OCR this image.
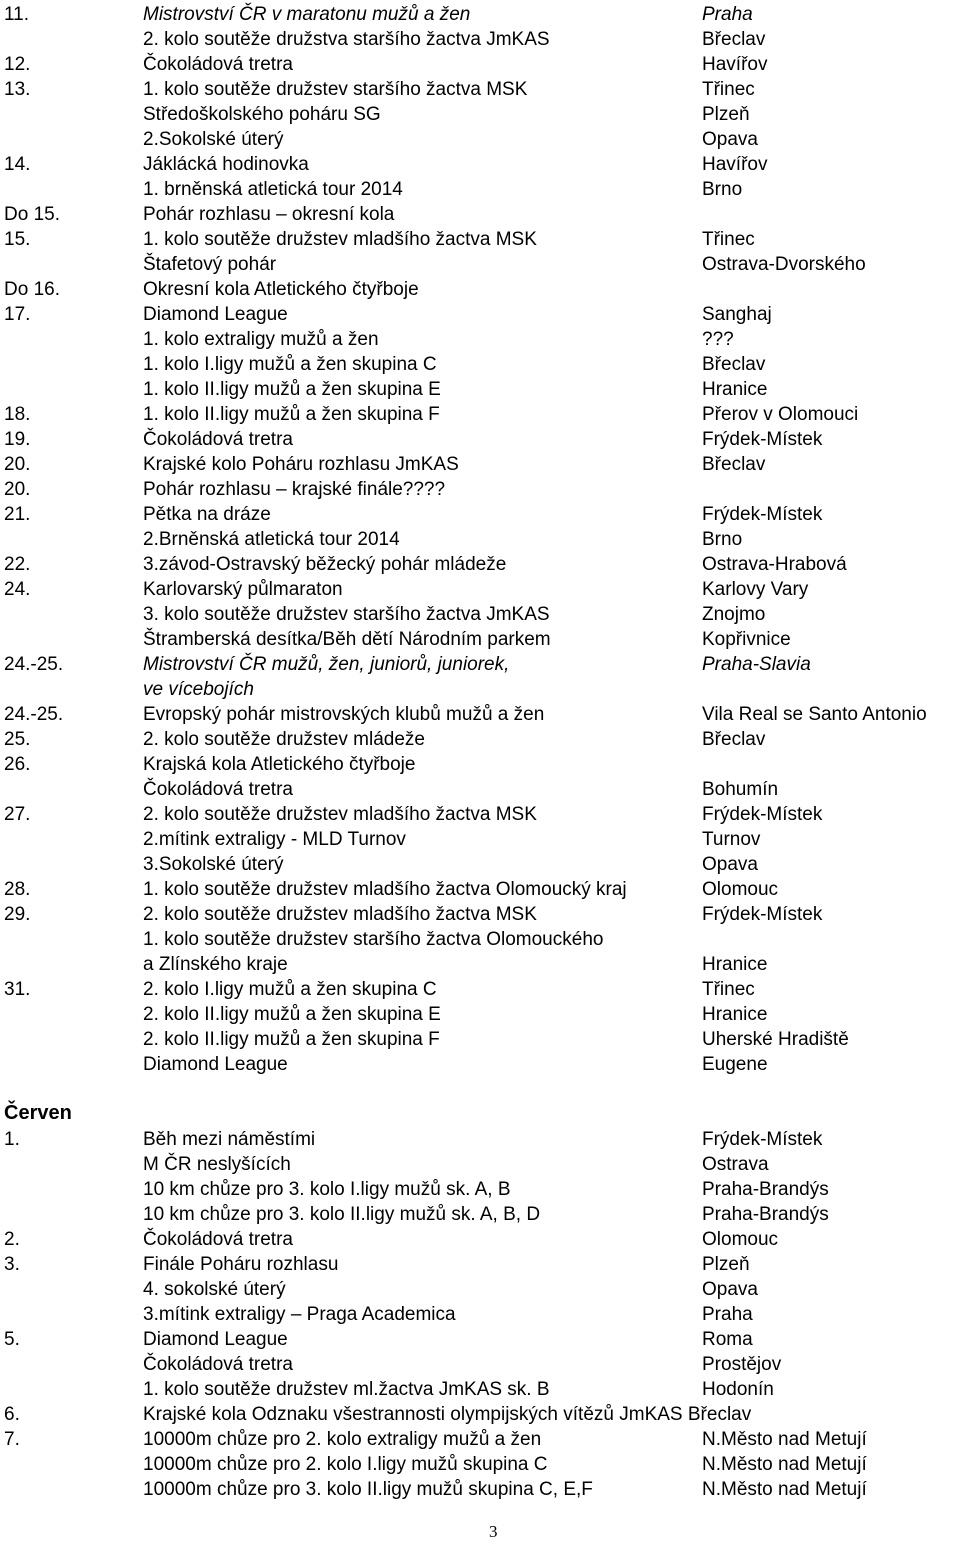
11.	Mistrovství ČR v maratonu mužů a žen	Praha
2. kolo soutěže družstva staršího žactva JmKAS	Břeclav
12.	Čokoládová tretra	Havířov
13.	1. kolo soutěže družstev staršího žactva MSK	Třinec
Středoškolského poháru SG	Plzeň
2.Sokolské úterý	Opava
14.	Jáklácká hodinovka	Havířov
1. brněnská atletická tour 2014	Brno
Do 15.	Pohár rozhlasu – okresní kola
15.	1. kolo soutěže družstev mladšího žactva MSK	Třinec
Štafetový pohár	Ostrava-Dvorského
Do 16.	Okresní kola Atletického čtyřboje
17.	Diamond League	Sanghaj
1. kolo extraligy mužů a žen	???
1. kolo I.ligy mužů a žen skupina C	Břeclav
1. kolo II.ligy mužů a žen skupina E	Hranice
18.	1. kolo II.ligy mužů a žen skupina F	Přerov v Olomouci
19.	Čokoládová tretra	Frýdek-Místek
20.	Krajské kolo Poháru rozhlasu JmKAS	Břeclav
20.	Pohár rozhlasu – krajské finále????
21.	Pětka na dráze	Frýdek-Místek
2.Brněnská atletická tour 2014	Brno
22.	3.závod-Ostravský běžecký pohár mládeže	Ostrava-Hrabová
24.	Karlovarský půlmaraton	Karlovy Vary
3. kolo soutěže družstev staršího žactva JmKAS	Znojmo
Štramberská desítka/Běh dětí Národním parkem	Kopřivnice
24.-25.	Mistrovství ČR mužů, žen, juniorů, juniorek,	Praha-Slavia
ve vícebojích
24.-25.	Evropský pohár mistrovských klubů mužů a žen	Vila Real se Santo Antonio
25.	2. kolo soutěže družstev mládeže	Břeclav
26.	Krajská kola Atletického čtyřboje
Čokoládová tretra	Bohumín
27.	2. kolo soutěže družstev mladšího žactva MSK	Frýdek-Místek
2.mítink extraligy - MLD Turnov	Turnov
3.Sokolské úterý	Opava
28.	1. kolo soutěže družstev mladšího žactva Olomoucký kraj	Olomouc
29.	2. kolo soutěže družstev mladšího žactva MSK	Frýdek-Místek
1. kolo soutěže družstev staršího žactva Olomouckého
a Zlínského kraje	Hranice
31.	2. kolo I.ligy mužů a žen skupina C	Třinec
2. kolo II.ligy mužů a žen skupina E	Hranice
2. kolo II.ligy mužů a žen skupina F	Uherské Hradiště
Diamond League	Eugene
Červen
1.	Běh mezi náměstími	Frýdek-Místek
M ČR neslyšících	Ostrava
10 km chůze pro 3. kolo I.ligy mužů sk. A, B	Praha-Brandýs
10 km chůze pro 3. kolo II.ligy mužů sk. A, B, D	Praha-Brandýs
2.	Čokoládová tretra	Olomouc
3.	Finále Poháru rozhlasu	Plzeň
4. sokolské úterý	Opava
3.mítink extraligy – Praga Academica	Praha
5.	Diamond League	Roma
Čokoládová tretra	Prostějov
1. kolo soutěže družstev ml.žactva JmKAS sk. B	Hodonín
6.	Krajské kola Odznaku všestrannosti olympijských vítězů JmKAS Břeclav
7.	10000m chůze pro 2. kolo extraligy mužů a žen	N.Město nad Metují
10000m chůze pro 2. kolo I.ligy mužů skupina C	N.Město nad Metují
10000m chůze pro 3. kolo II.ligy mužů skupina C, E,F	N.Město nad Metují
3
